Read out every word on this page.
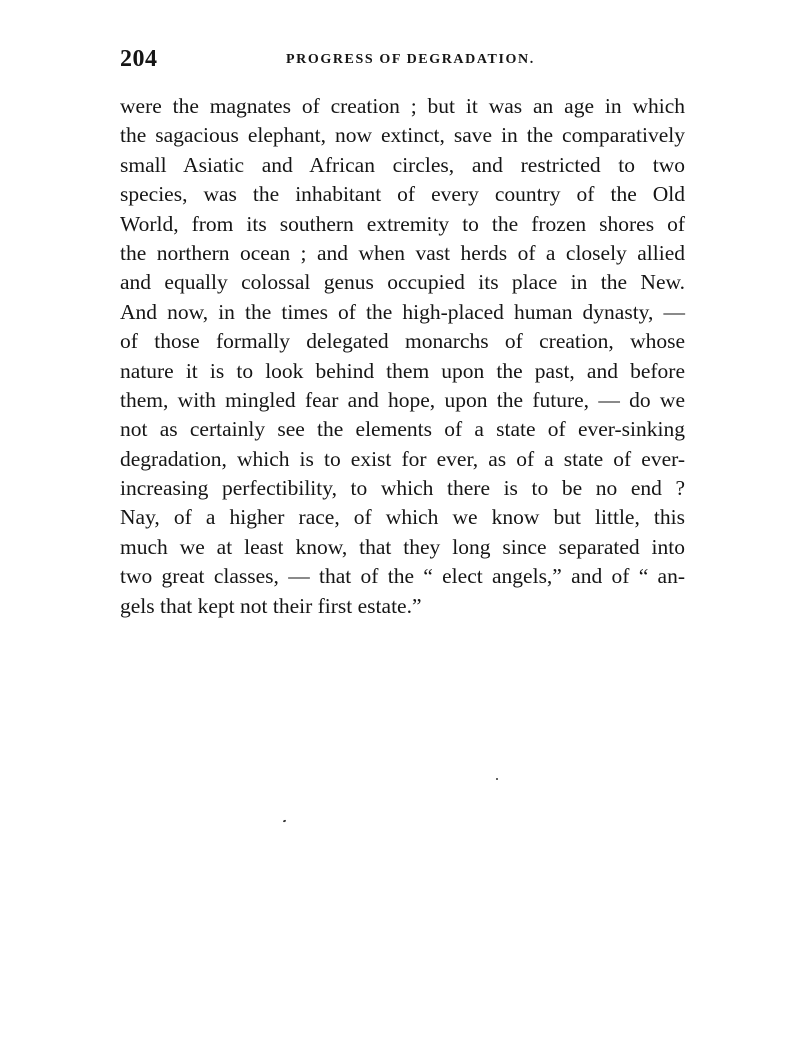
204	PROGRESS OF DEGRADATION.
were the magnates of creation ; but it was an age in which
the sagacious elephant, now extinct, save in the comparatively
small Asiatic and African circles, and restricted to two
species, was the inhabitant of every country of the Old
World, from its southern extremity to the frozen shores of
the northern ocean ; and when vast herds of a closely allied
and equally colossal genus occupied its place in the New.
And now, in the times of the high-placed human dynasty, —
of those formally delegated monarchs of creation, whose
nature it is to look behind them upon the past, and before
them, with mingled fear and hope, upon the future, — do we
not as certainly see the elements of a state of ever-sinking
degradation, which is to exist for ever, as of a state of ever-
increasing perfectibility, to which there is to be no end ?
Nay, of a higher race, of which we know but little, this
much we at least know, that they long since separated into
two great classes, — that of the “ elect angels,” and of “ an-
gels that kept not their first estate.”
